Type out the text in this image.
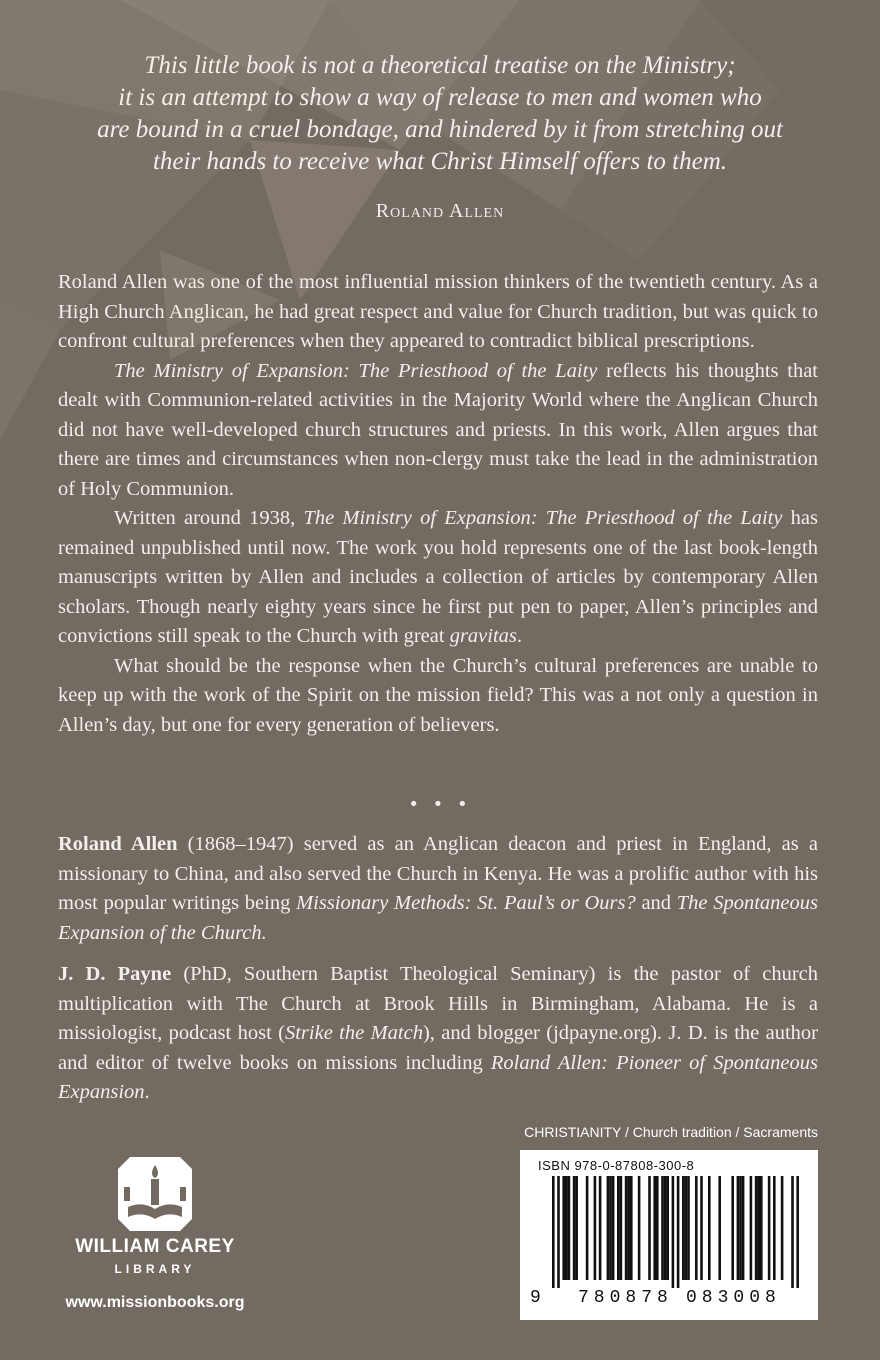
This little book is not a theoretical treatise on the Ministry;
it is an attempt to show a way of release to men and women who
are bound in a cruel bondage, and hindered by it from stretching out
their hands to receive what Christ Himself offers to them.
Roland Allen

Roland Allen was one of the most influential mission thinkers of the twentieth century. As a High Church Anglican, he had great respect and value for Church tradition, but was quick to confront cultural preferences when they appeared to contradict biblical prescriptions.

The Ministry of Expansion: The Priesthood of the Laity reflects his thoughts that dealt with Communion-related activities in the Majority World where the Anglican Church did not have well-developed church structures and priests. In this work, Allen argues that there are times and circumstances when non-clergy must take the lead in the administration of Holy Communion.

Written around 1938, The Ministry of Expansion: The Priesthood of the Laity has remained unpublished until now. The work you hold represents one of the last book-length manuscripts written by Allen and includes a collection of articles by contemporary Allen scholars. Though nearly eighty years since he first put pen to paper, Allen’s principles and convictions still speak to the Church with great gravitas.

What should be the response when the Church’s cultural preferences are unable to keep up with the work of the Spirit on the mission field? This was a not only a question in Allen’s day, but one for every generation of believers.

• • •

Roland Allen (1868–1947) served as an Anglican deacon and priest in England, as a missionary to China, and also served the Church in Kenya. He was a prolific author with his most popular writings being Missionary Methods: St. Paul’s or Ours? and The Spontaneous Expansion of the Church.

J. D. Payne (PhD, Southern Baptist Theological Seminary) is the pastor of church multiplication with The Church at Brook Hills in Birmingham, Alabama. He is a missiologist, podcast host (Strike the Match), and blogger (jdpayne.org). J. D. is the author and editor of twelve books on missions including Roland Allen: Pioneer of Spontaneous Expansion.

CHRISTIANITY / Church tradition / Sacraments
ISBN 978-0-87808-300-8
9 780878 083008
WILLIAM CAREY
LIBRARY
www.missionbooks.org
